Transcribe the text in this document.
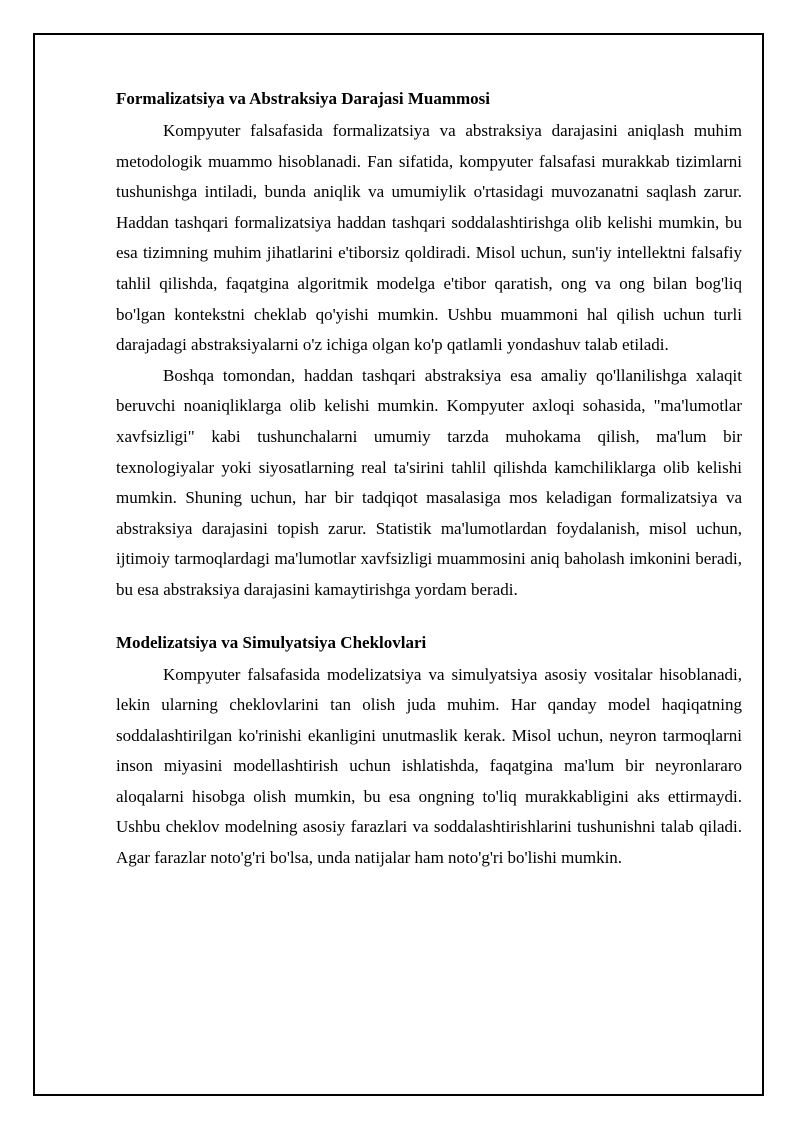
Formalizatsiya va Abstraksiya Darajasi Muammosi

Kompyuter falsafasida formalizatsiya va abstraksiya darajasini aniqlash muhim metodologik muammo hisoblanadi. Fan sifatida, kompyuter falsafasi murakkab tizimlarni tushunishga intiladi, bunda aniqlik va umumiylik o'rtasidagi muvozanatni saqlash zarur. Haddan tashqari formalizatsiya haddan tashqari soddalashtirishga olib kelishi mumkin, bu esa tizimning muhim jihatlarini e'tiborsiz qoldiradi. Misol uchun, sun'iy intellektni falsafiy tahlil qilishda, faqatgina algoritmik modelga e'tibor qaratish, ong va ong bilan bog'liq bo'lgan kontekstni cheklab qo'yishi mumkin. Ushbu muammoni hal qilish uchun turli darajadagi abstraksiyalarni o'z ichiga olgan ko'p qatlamli yondashuv talab etiladi.

Boshqa tomondan, haddan tashqari abstraksiya esa amaliy qo'llanilishga xalaqit beruvchi noaniqliklarga olib kelishi mumkin. Kompyuter axloqi sohasida, "ma'lumotlar xavfsizligi" kabi tushunchalarni umumiy tarzda muhokama qilish, ma'lum bir texnologiyalar yoki siyosatlarning real ta'sirini tahlil qilishda kamchiliklarga olib kelishi mumkin. Shuning uchun, har bir tadqiqot masalasiga mos keladigan formalizatsiya va abstraksiya darajasini topish zarur. Statistik ma'lumotlardan foydalanish, misol uchun, ijtimoiy tarmoqlardagi ma'lumotlar xavfsizligi muammosini aniq baholash imkonini beradi, bu esa abstraksiya darajasini kamaytirishga yordam beradi.

Modelizatsiya va Simulyatsiya Cheklovlari

Kompyuter falsafasida modelizatsiya va simulyatsiya asosiy vositalar hisoblanadi, lekin ularning cheklovlarini tan olish juda muhim. Har qanday model haqiqatning soddalashtirilgan ko'rinishi ekanligini unutmaslik kerak. Misol uchun, neyron tarmoqlarni inson miyasini modellashtirish uchun ishlatishda, faqatgina ma'lum bir neyronlararo aloqalarni hisobga olish mumkin, bu esa ongning to'liq murakkabligini aks ettirmaydi. Ushbu cheklov modelning asosiy farazlari va soddalashtirishlarini tushunishni talab qiladi. Agar farazlar noto'g'ri bo'lsa, unda natijalar ham noto'g'ri bo'lishi mumkin.
